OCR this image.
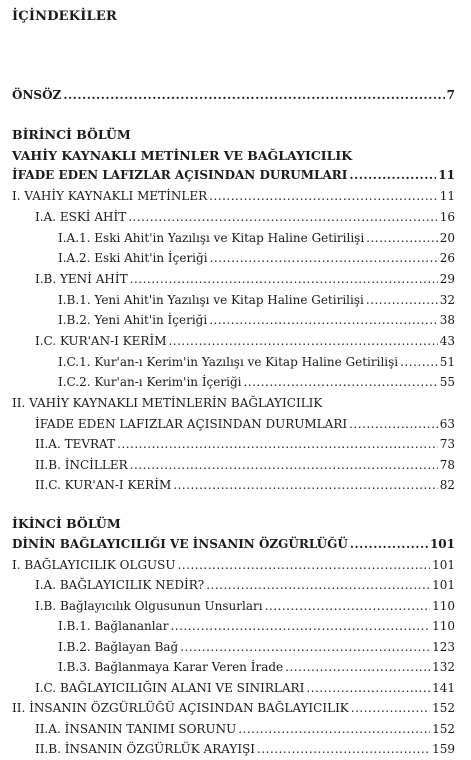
İÇİNDEKİLER
ÖNSÖZ .....	7
BİRİNCİ BÖLÜM
VAHİY KAYNAKLI METİNLER VE BAĞLAYICILIK
İFADE EDEN LAFIZLAR AÇISINDAN DURUMLARI .....	11
I. VAHİY KAYNAKLI METİNLER .....	11
I.A. ESKİ AHİT .....	16
I.A.1. Eski Ahit'in Yazılışı ve Kitap Haline Getirilişi .....	20
I.A.2. Eski Ahit'in İçeriği .....	26
I.B. YENİ AHİT .....	29
I.B.1. Yeni Ahit'in Yazılışı ve Kitap Haline Getirilişi .....	32
I.B.2. Yeni Ahit'in İçeriği .....	38
I.C. KUR'AN-I KERİM .....	43
I.C.1. Kur'an-ı Kerim'in Yazılışı ve Kitap Haline Getirilişi .....	51
I.C.2. Kur'an-ı Kerim'in İçeriği .....	55
II. VAHİY KAYNAKLI METİNLERİN BAĞLAYICILIK
İFADE EDEN LAFIZLAR AÇISINDAN DURUMLARI .....	63
II.A. TEVRAT .....	73
II.B. İNCİLLER .....	78
II.C. KUR'AN-I KERİM .....	82
İKİNCİ BÖLÜM
DİNİN BAĞLAYICILIĞI VE İNSANIN ÖZGÜRLÜĞÜ .....	101
I. BAĞLAYICILIK OLGUSU .....	101
I.A. BAĞLAYICILIK NEDİR? .....	101
I.B. Bağlayıcılık Olgusunun Unsurları .....	110
I.B.1. Bağlananlar .....	110
I.B.2. Bağlayan Bağ .....	123
I.B.3. Bağlanmaya Karar Veren İrade .....	132
I.C. BAĞLAYICILIĞIN ALANI VE SINIRLARI .....	141
II. İNSANIN ÖZGÜRLÜĞÜ AÇISINDAN BAĞLAYICILIK .....	152
II.A. İNSANIN TANIMI SORUNU .....	152
II.B. İNSANIN ÖZGÜRLÜK ARAYIŞI .....	159
